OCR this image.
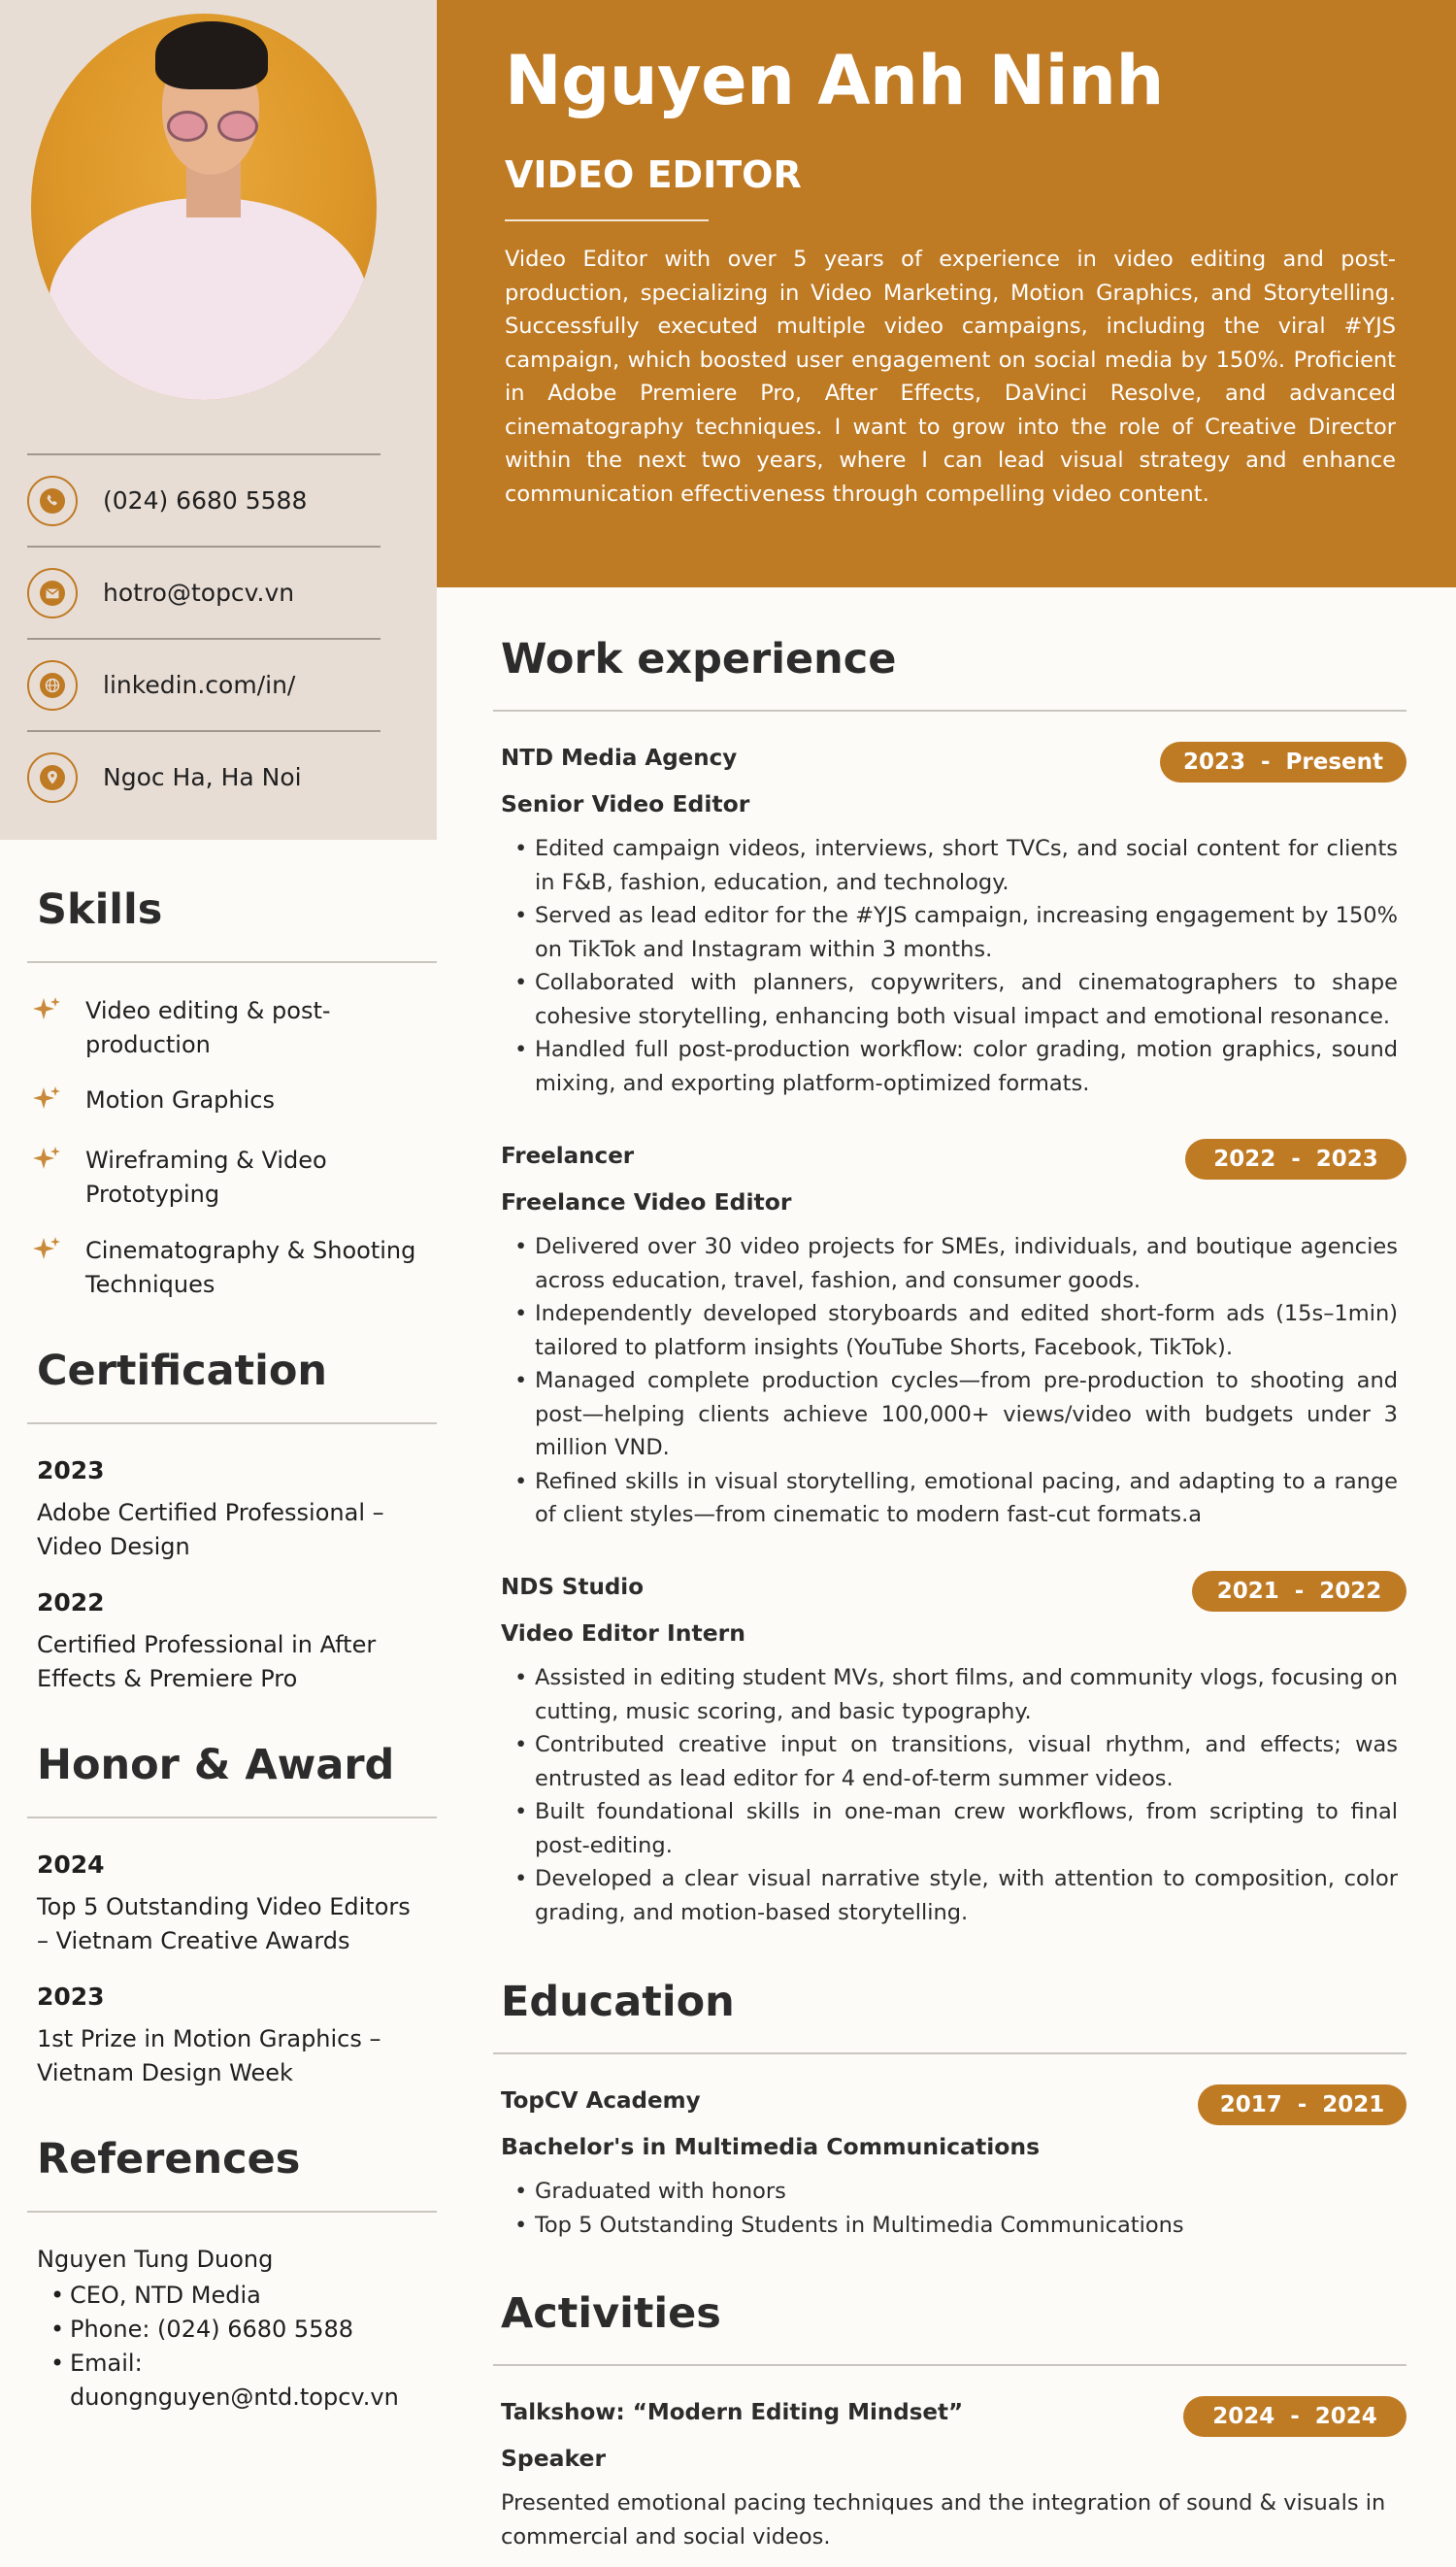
(024) 6680 5588
hotro@topcv.vn
linkedin.com/in/
Ngoc Ha, Ha Noi
Nguyen Anh Ninh
VIDEO EDITOR
Video Editor with over 5 years of experience in video editing and post-production, specializing in Video Marketing, Motion Graphics, and Storytelling. Successfully executed multiple video campaigns, including the viral #YJS campaign, which boosted user engagement on social media by 150%. Proficient in Adobe Premiere Pro, After Effects, DaVinci Resolve, and advanced cinematography techniques. I want to grow into the role of Creative Director within the next two years, where I can lead visual strategy and enhance communication effectiveness through compelling video content.
Skills
Video editing & post-production
Motion Graphics
Wireframing & Video Prototyping
Cinematography & Shooting Techniques
Certification
2023
Adobe Certified Professional – Video Design
2022
Certified Professional in After Effects & Premiere Pro
Honor & Award
2024
Top 5 Outstanding Video Editors – Vietnam Creative Awards
2023
1st Prize in Motion Graphics – Vietnam Design Week
References
Nguyen Tung Duong
• CEO, NTD Media
• Phone: (024) 6680 5588
• Email: duongnguyen@ntd.topcv.vn
Work experience
NTD Media Agency	2023  -  Present
Senior Video Editor
• Edited campaign videos, interviews, short TVCs, and social content for clients in F&B, fashion, education, and technology.
• Served as lead editor for the #YJS campaign, increasing engagement by 150% on TikTok and Instagram within 3 months.
• Collaborated with planners, copywriters, and cinematographers to shape cohesive storytelling, enhancing both visual impact and emotional resonance.
• Handled full post-production workflow: color grading, motion graphics, sound mixing, and exporting platform-optimized formats.
Freelancer	2022  -  2023
Freelance Video Editor
• Delivered over 30 video projects for SMEs, individuals, and boutique agencies across education, travel, fashion, and consumer goods.
• Independently developed storyboards and edited short-form ads (15s–1min) tailored to platform insights (YouTube Shorts, Facebook, TikTok).
• Managed complete production cycles—from pre-production to shooting and post—helping clients achieve 100,000+ views/video with budgets under 3 million VND.
• Refined skills in visual storytelling, emotional pacing, and adapting to a range of client styles—from cinematic to modern fast-cut formats.a
NDS Studio	2021  -  2022
Video Editor Intern
• Assisted in editing student MVs, short films, and community vlogs, focusing on cutting, music scoring, and basic typography.
• Contributed creative input on transitions, visual rhythm, and effects; was entrusted as lead editor for 4 end-of-term summer videos.
• Built foundational skills in one-man crew workflows, from scripting to final post-editing.
• Developed a clear visual narrative style, with attention to composition, color grading, and motion-based storytelling.
Education
TopCV Academy	2017  -  2021
Bachelor's in Multimedia Communications
• Graduated with honors
• Top 5 Outstanding Students in Multimedia Communications
Activities
Talkshow: “Modern Editing Mindset”	2024  -  2024
Speaker
Presented emotional pacing techniques and the integration of sound & visuals in commercial and social videos.
